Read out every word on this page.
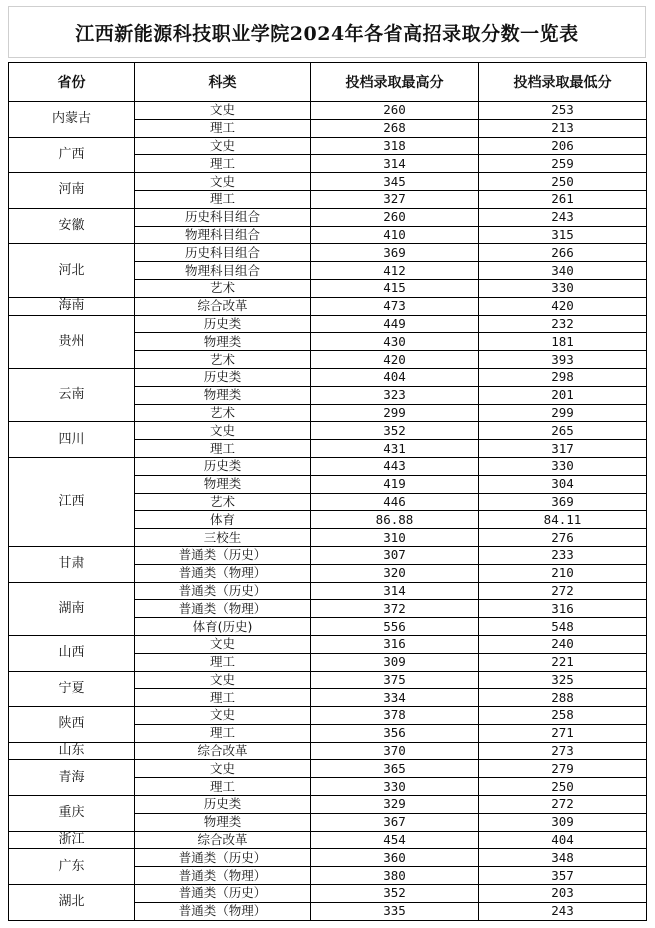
江西新能源科技职业学院2024年各省高招录取分数一览表
省份	科类	投档录取最高分	投档录取最低分
内蒙古	文史	260	253
	理工	268	213
广西	文史	318	206
	理工	314	259
河南	文史	345	250
	理工	327	261
安徽	历史科目组合	260	243
	物理科目组合	410	315
河北	历史科目组合	369	266
	物理科目组合	412	340
	艺术	415	330
海南	综合改革	473	420
贵州	历史类	449	232
	物理类	430	181
	艺术	420	393
云南	历史类	404	298
	物理类	323	201
	艺术	299	299
四川	文史	352	265
	理工	431	317
江西	历史类	443	330
	物理类	419	304
	艺术	446	369
	体育	86.88	84.11
	三校生	310	276
甘肃	普通类（历史）	307	233
	普通类（物理）	320	210
湖南	普通类（历史）	314	272
	普通类（物理）	372	316
	体育(历史)	556	548
山西	文史	316	240
	理工	309	221
宁夏	文史	375	325
	理工	334	288
陕西	文史	378	258
	理工	356	271
山东	综合改革	370	273
青海	文史	365	279
	理工	330	250
重庆	历史类	329	272
	物理类	367	309
浙江	综合改革	454	404
广东	普通类（历史）	360	348
	普通类（物理）	380	357
湖北	普通类（历史）	352	203
	普通类（物理）	335	243
